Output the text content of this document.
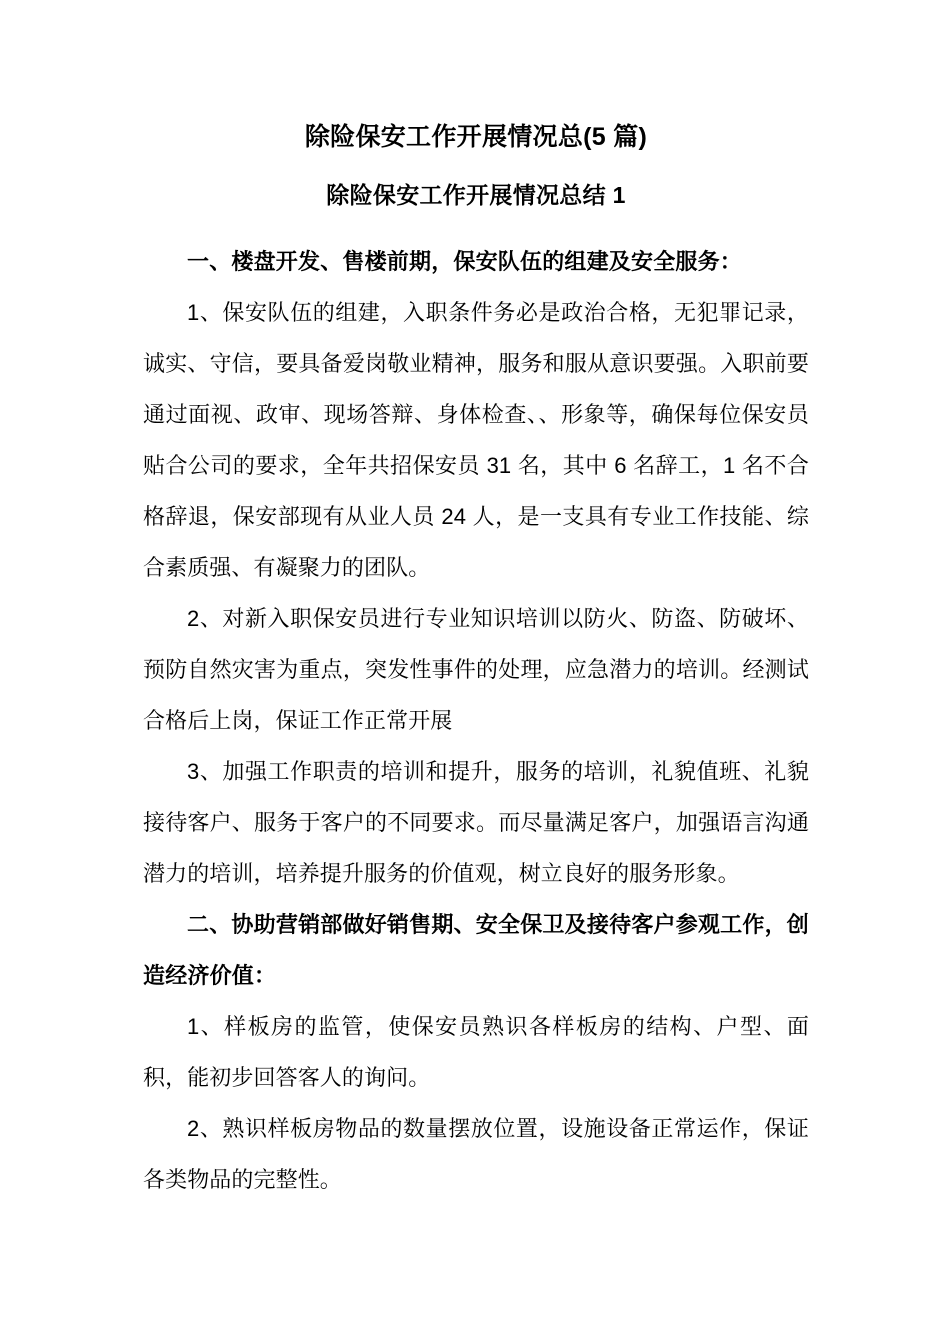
除险保安工作开展情况总(5 篇)
除险保安工作开展情况总结 1
一、楼盘开发、售楼前期，保安队伍的组建及安全服务：

1、保安队伍的组建，入职条件务必是政治合格，无犯罪记录，诚实、守信，要具备爱岗敬业精神，服务和服从意识要强。入职前要通过面视、政审、现场答辩、身体检查、、形象等，确保每位保安员贴合公司的要求，全年共招保安员 31 名，其中 6 名辞工，1 名不合格辞退，保安部现有从业人员 24 人，是一支具有专业工作技能、综合素质强、有凝聚力的团队。

2、对新入职保安员进行专业知识培训以防火、防盗、防破坏、预防自然灾害为重点，突发性事件的处理，应急潜力的培训。经测试合格后上岗，保证工作正常开展

3、加强工作职责的培训和提升，服务的培训，礼貌值班、礼貌接待客户、服务于客户的不同要求。而尽量满足客户，加强语言沟通潜力的培训，培养提升服务的价值观，树立良好的服务形象。

二、协助营销部做好销售期、安全保卫及接待客户参观工作，创造经济价值：

1、样板房的监管，使保安员熟识各样板房的结构、户型、面积，能初步回答客人的询问。

2、熟识样板房物品的数量摆放位置，设施设备正常运作，保证各类物品的完整性。
